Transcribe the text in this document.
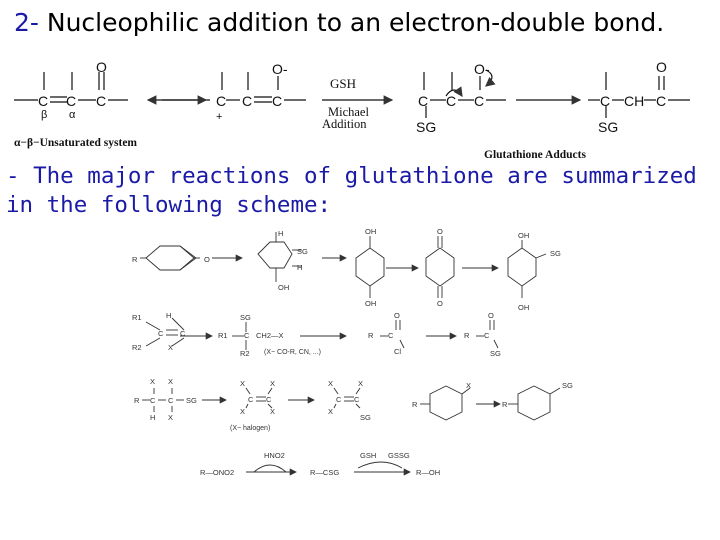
2- Nucleophilic addition to an electron-double bond.
- The major reactions of glutathione are summarized
in the following scheme:
C C C
O
β α
C C C
O-
+
C C C
O-
SG
C CH C
O
SG
GSH
Michael
Addition
α−β−Unsaturated system
Glutathione Adducts
R	O
H
SG
H
OH
OH
OH
O
O
OH
SG
OH
R1	H
C C
R2	X
SG
R1 C CH2—X
R2 (X− CO-R, CN, ...)
R C
O
Cl
R C
O
SG
X X
R C C SG
H X
X	X
C C
X	X
(X− halogen)
X	X
C C
X
SG
X
R
SG
R
R—ONO2
HNO2
R—CSG
GSH GSSG
R—OH
